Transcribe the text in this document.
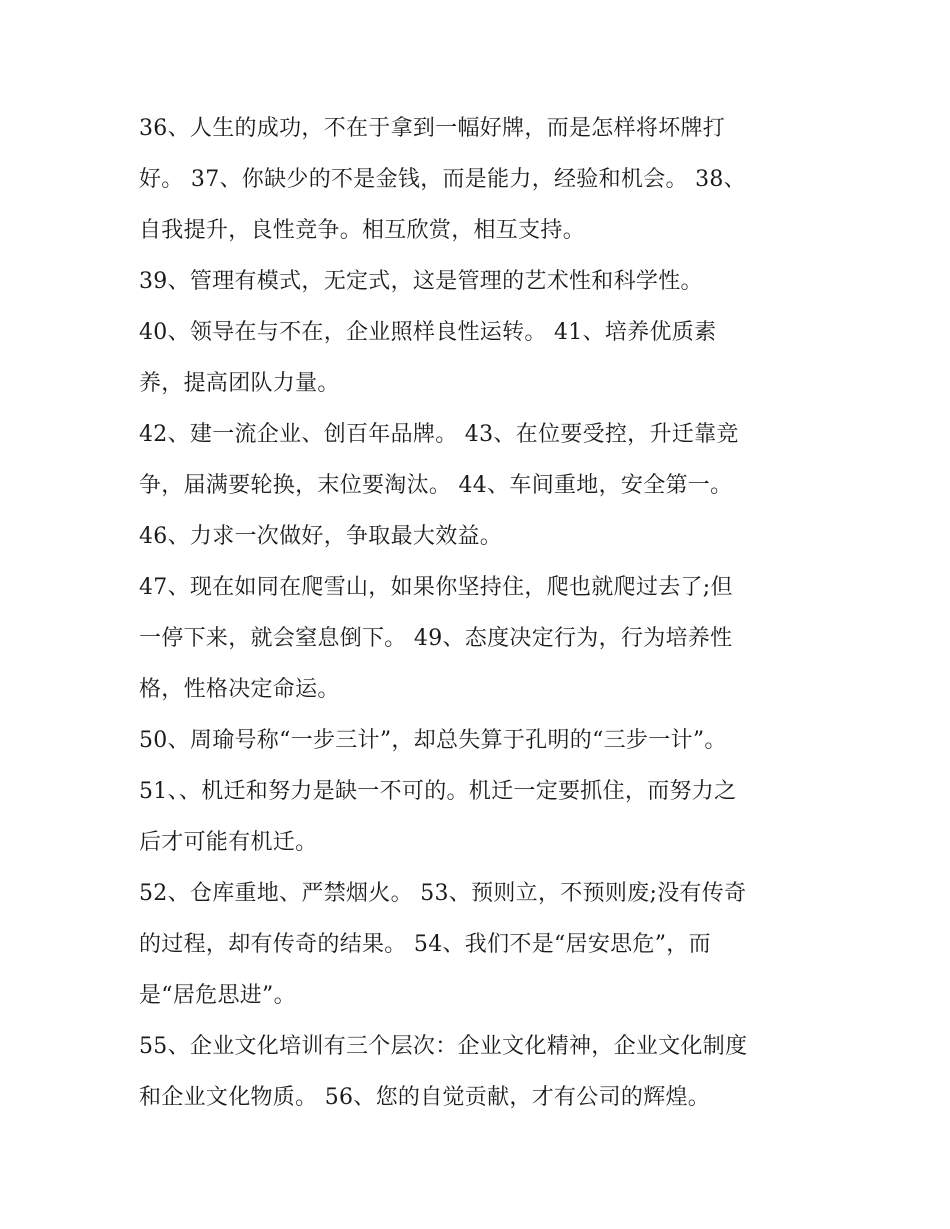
36、人生的成功，不在于拿到一幅好牌，而是怎样将坏牌打
好。 37、你缺少的不是金钱，而是能力，经验和机会。 38、
自我提升，良性竞争。相互欣赏，相互支持。
39、管理有模式，无定式，这是管理的艺术性和科学性。
40、领导在与不在，企业照样良性运转。 41、培养优质素
养，提高团队力量。
42、建一流企业、创百年品牌。 43、在位要受控，升迁靠竞
争，届满要轮换，末位要淘汰。 44、车间重地，安全第一。
46、力求一次做好，争取最大效益。
47、现在如同在爬雪山，如果你坚持住，爬也就爬过去了;但
一停下来，就会窒息倒下。 49、态度决定行为，行为培养性
格，性格决定命运。
50、周瑜号称“一步三计”，却总失算于孔明的“三步一计”。
51、、机迁和努力是缺一不可的。机迁一定要抓住，而努力之
后才可能有机迁。
52、仓库重地、严禁烟火。 53、预则立，不预则废;没有传奇
的过程，却有传奇的结果。 54、我们不是“居安思危”，而
是“居危思进”。
55、企业文化培训有三个层次：企业文化精神，企业文化制度
和企业文化物质。 56、您的自觉贡献，才有公司的辉煌。
